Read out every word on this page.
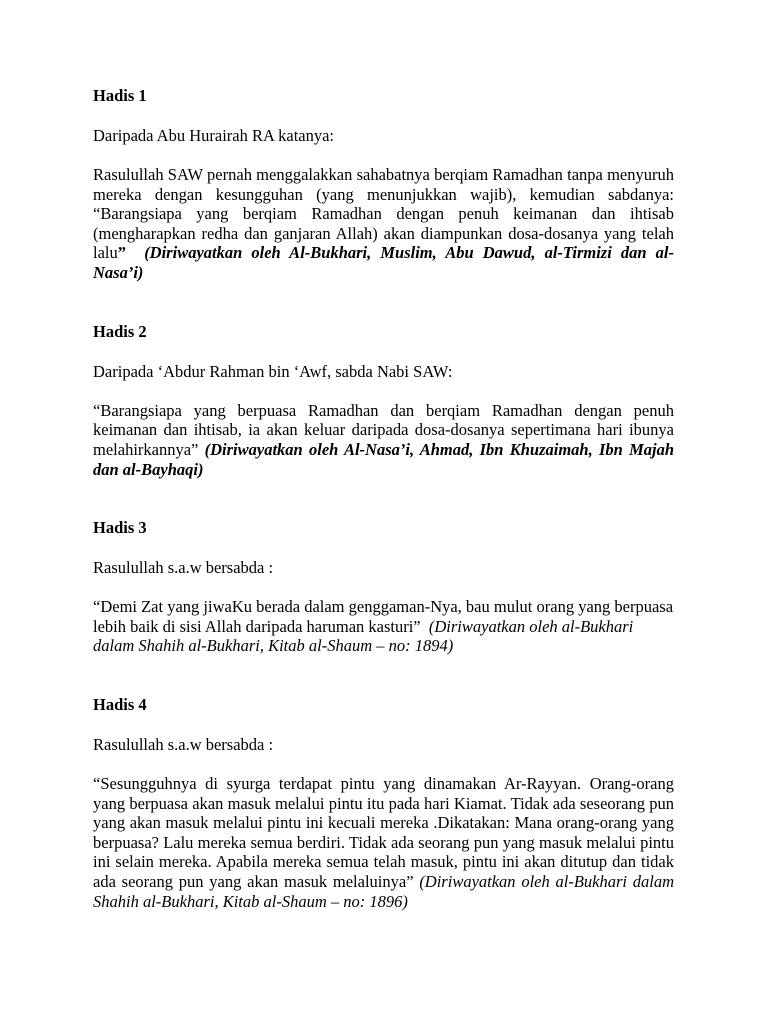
Hadis 1

Daripada Abu Hurairah RA katanya:

Rasulullah SAW pernah menggalakkan sahabatnya berqiam Ramadhan tanpa menyuruh mereka dengan kesungguhan (yang menunjukkan wajib), kemudian sabdanya: “Barangsiapa yang berqiam Ramadhan dengan penuh keimanan dan ihtisab (mengharapkan redha dan ganjaran Allah) akan diampunkan dosa-dosanya yang telah lalu” (Diriwayatkan oleh Al-Bukhari, Muslim, Abu Dawud, al-Tirmizi dan al-Nasa’i)

Hadis 2

Daripada ‘Abdur Rahman bin ‘Awf, sabda Nabi SAW:

“Barangsiapa yang berpuasa Ramadhan dan berqiam Ramadhan dengan penuh keimanan dan ihtisab, ia akan keluar daripada dosa-dosanya sepertimana hari ibunya melahirkannya” (Diriwayatkan oleh Al-Nasa’i, Ahmad, Ibn Khuzaimah, Ibn Majah dan al-Bayhaqi)

Hadis 3

Rasulullah s.a.w bersabda :

“Demi Zat yang jiwaKu berada dalam genggaman-Nya, bau mulut orang yang berpuasa lebih baik di sisi Allah daripada haruman kasturi” (Diriwayatkan oleh al-Bukhari dalam Shahih al-Bukhari, Kitab al-Shaum – no: 1894)

Hadis 4

Rasulullah s.a.w bersabda :

“Sesungguhnya di syurga terdapat pintu yang dinamakan Ar-Rayyan. Orang-orang yang berpuasa akan masuk melalui pintu itu pada hari Kiamat. Tidak ada seseorang pun yang akan masuk melalui pintu ini kecuali mereka .Dikatakan: Mana orang-orang yang berpuasa? Lalu mereka semua berdiri. Tidak ada seorang pun yang masuk melalui pintu ini selain mereka. Apabila mereka semua telah masuk, pintu ini akan ditutup dan tidak ada seorang pun yang akan masuk melaluinya” (Diriwayatkan oleh al-Bukhari dalam Shahih al-Bukhari, Kitab al-Shaum – no: 1896)
